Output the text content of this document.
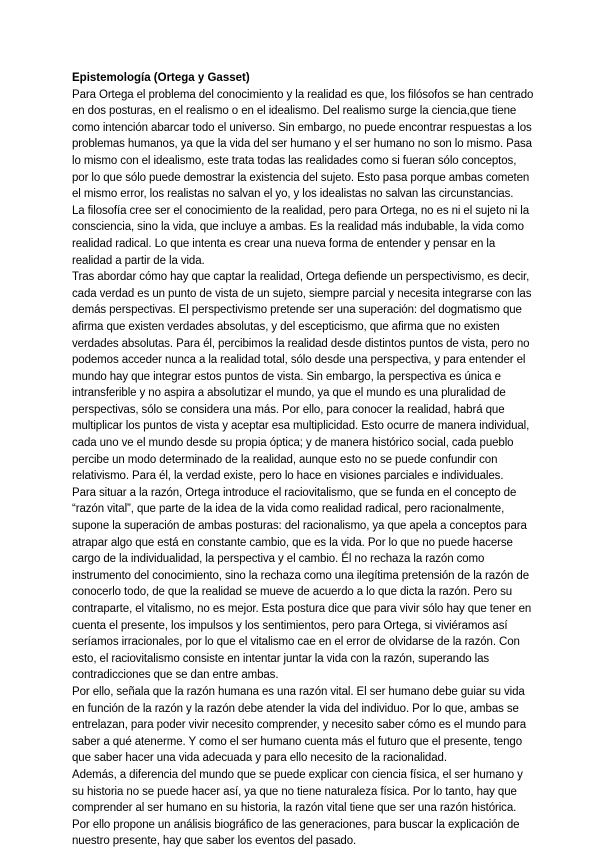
Epistemología (Ortega y Gasset)

Para Ortega el problema del conocimiento y la realidad es que, los filósofos se han centrado en dos posturas, en el realismo o en el idealismo. Del realismo surge la ciencia,que tiene como intención abarcar todo el universo. Sin embargo, no puede encontrar respuestas a los problemas humanos, ya que la vida del ser humano y el ser humano no son lo mismo. Pasa lo mismo con el idealismo, este trata todas las realidades como si fueran sólo conceptos, por lo que sólo puede demostrar la existencia del sujeto. Esto pasa porque ambas cometen el mismo error, los realistas no salvan el yo, y los idealistas no salvan las circunstancias.

La filosofía cree ser el conocimiento de la realidad, pero para Ortega, no es ni el sujeto ni la consciencia, sino la vida, que incluye a ambas. Es la realidad más indubable, la vida como realidad radical. Lo que intenta es crear una nueva forma de entender y pensar en la realidad a partir de la vida.

Tras abordar cómo hay que captar la realidad, Ortega defiende un perspectivismo, es decir, cada verdad es un punto de vista de un sujeto, siempre parcial y necesita integrarse con las demás perspectivas. El perspectivismo pretende ser una superación: del dogmatismo que afirma que existen verdades absolutas, y del escepticismo, que afirma que no existen verdades absolutas. Para él, percibimos la realidad desde distintos puntos de vista, pero no podemos acceder nunca a la realidad total, sólo desde una perspectiva, y para entender el mundo hay que integrar estos puntos de vista. Sin embargo, la perspectiva es única e intransferible y no aspira a absolutizar el mundo, ya que el mundo es una pluralidad de perspectivas, sólo se considera una más. Por ello, para conocer la realidad, habrá que multiplicar los puntos de vista y aceptar esa multiplicidad. Esto ocurre de manera individual, cada uno ve el mundo desde su propia óptica; y de manera histórico social, cada pueblo percibe un modo determinado de la realidad, aunque esto no se puede confundir con relativismo. Para él, la verdad existe, pero lo hace en visiones parciales e individuales.

Para situar a la razón, Ortega introduce el raciovitalismo, que se funda en el concepto de “razón vital”, que parte de la idea de la vida como realidad radical, pero racionalmente, supone la superación de ambas posturas: del racionalismo, ya que apela a conceptos para atrapar algo que está en constante cambio, que es la vida. Por lo que no puede hacerse cargo de la individualidad, la perspectiva y el cambio. Él no rechaza la razón como instrumento del conocimiento, sino la rechaza como una ilegítima pretensión de la razón de conocerlo todo, de que la realidad se mueve de acuerdo a lo que dicta la razón. Pero su contraparte, el vitalismo, no es mejor. Esta postura dice que para vivir sólo hay que tener en cuenta el presente, los impulsos y los sentimientos, pero para Ortega, si viviéramos así seríamos irracionales, por lo que el vitalismo cae en el error de olvidarse de la razón. Con esto, el raciovitalismo consiste en intentar juntar la vida con la razón, superando las contradicciones que se dan entre ambas.

Por ello, señala que la razón humana es una razón vital. El ser humano debe guiar su vida en función de la razón y la razón debe atender la vida del individuo. Por lo que, ambas se entrelazan, para poder vivir necesito comprender, y necesito saber cómo es el mundo para saber a qué atenerme. Y como el ser humano cuenta más el futuro que el presente, tengo que saber hacer una vida adecuada y para ello necesito de la racionalidad.

Además, a diferencia del mundo que se puede explicar con ciencia física, el ser humano y su historia no se puede hacer así, ya que no tiene naturaleza física. Por lo tanto, hay que comprender al ser humano en su historia, la razón vital tiene que ser una razón histórica. Por ello propone un análisis biográfico de las generaciones, para buscar la explicación de nuestro presente, hay que saber los eventos del pasado.
